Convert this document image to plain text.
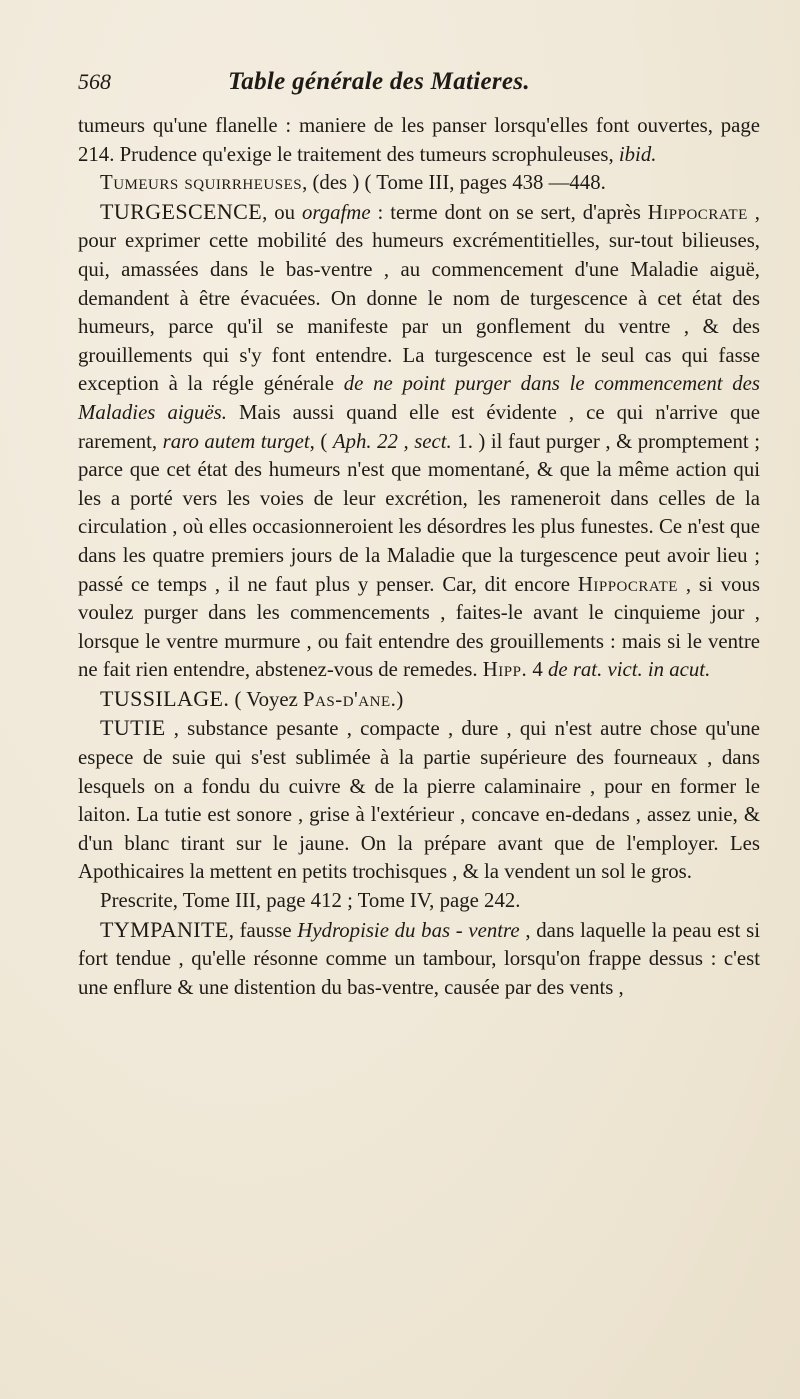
568	Table générale des Matieres.

tumeurs qu'une flanelle : maniere de les panser lorsqu'elles font ouvertes, page 214. Prudence qu'exige le traitement des tumeurs scrophuleuses, ibid.

Tumeurs squirrheuses, (des ) ( Tome III, pages 438 —448.

TURGESCENCE, ou orgafme : terme dont on se sert, d'après Hippocrate , pour exprimer cette mobilité des humeurs excrémentitielles, sur-tout bilieuses, qui, amassées dans le bas-ventre , au commencement d'une Maladie aiguë, demandent à être évacuées. On donne le nom de turgescence à cet état des humeurs, parce qu'il se manifeste par un gonflement du ventre , & des grouillements qui s'y font entendre. La turgescence est le seul cas qui fasse exception à la régle générale de ne point purger dans le commencement des Maladies aiguës. Mais aussi quand elle est évidente , ce qui n'arrive que rarement, raro autem turget, ( Aph. 22 , sect. 1. ) il faut purger , & promptement ; parce que cet état des humeurs n'est que momentané, & que la même action qui les a porté vers les voies de leur excrétion, les rameneroit dans celles de la circulation , où elles occasionneroient les désordres les plus funestes. Ce n'est que dans les quatre premiers jours de la Maladie que la turgescence peut avoir lieu ; passé ce temps , il ne faut plus y penser. Car, dit encore Hippocrate , si vous voulez purger dans les commencements , faites-le avant le cinquieme jour , lorsque le ventre murmure , ou fait entendre des grouillements : mais si le ventre ne fait rien entendre, abstenez-vous de remedes. Hipp. 4 de rat. vict. in acut.

TUSSILAGE. ( Voyez Pas-d'ane.)

TUTIE , substance pesante , compacte , dure , qui n'est autre chose qu'une espece de suie qui s'est sublimée à la partie supérieure des fourneaux , dans lesquels on a fondu du cuivre & de la pierre calaminaire , pour en former le laiton. La tutie est sonore , grise à l'extérieur , concave en-dedans , assez unie, & d'un blanc tirant sur le jaune. On la prépare avant que de l'employer. Les Apothicaires la mettent en petits trochisques , & la vendent un sol le gros.

Prescrite, Tome III, page 412 ; Tome IV, page 242.

TYMPANITE, fausse Hydropisie du bas - ventre , dans laquelle la peau est si fort tendue , qu'elle résonne comme un tambour, lorsqu'on frappe dessus : c'est une enflure & une distention du bas-ventre, causée par des vents ,
